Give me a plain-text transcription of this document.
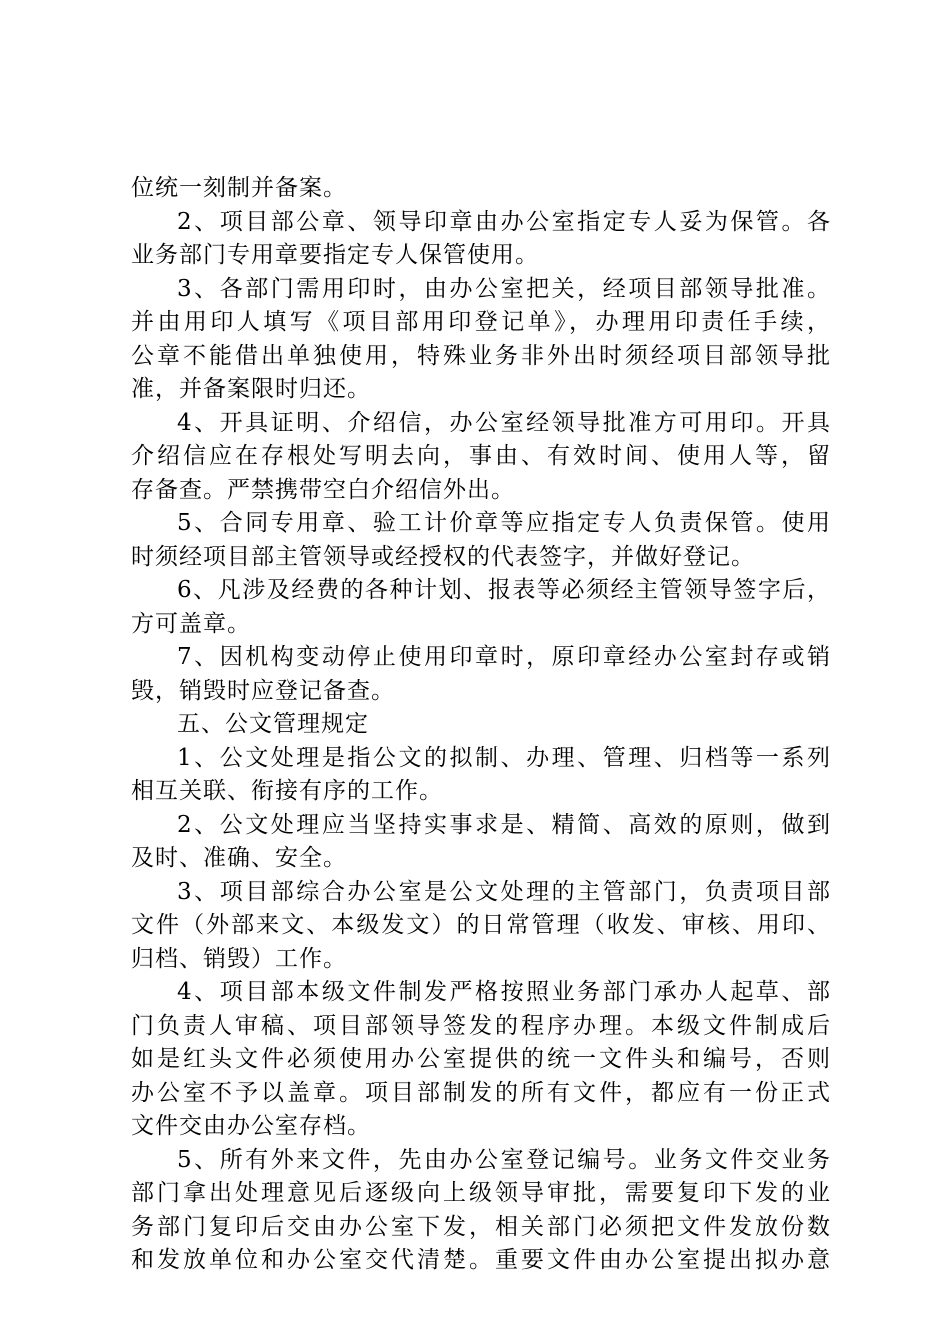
位统一刻制并备案。
2、项目部公章、领导印章由办公室指定专人妥为保管。各
业务部门专用章要指定专人保管使用。
3、各部门需用印时，由办公室把关，经项目部领导批准。
并由用印人填写《项目部用印登记单》，办理用印责任手续，
公章不能借出单独使用，特殊业务非外出时须经项目部领导批
准，并备案限时归还。
4、开具证明、介绍信，办公室经领导批准方可用印。开具
介绍信应在存根处写明去向，事由、有效时间、使用人等，留
存备查。严禁携带空白介绍信外出。
5、合同专用章、验工计价章等应指定专人负责保管。使用
时须经项目部主管领导或经授权的代表签字，并做好登记。
6、凡涉及经费的各种计划、报表等必须经主管领导签字后，
方可盖章。
7、因机构变动停止使用印章时，原印章经办公室封存或销
毁，销毁时应登记备查。
五、公文管理规定
1、公文处理是指公文的拟制、办理、管理、归档等一系列
相互关联、衔接有序的工作。
2、公文处理应当坚持实事求是、精简、高效的原则，做到
及时、准确、安全。
3、项目部综合办公室是公文处理的主管部门，负责项目部
文件（外部来文、本级发文）的日常管理（收发、审核、用印、
归档、销毁）工作。
4、项目部本级文件制发严格按照业务部门承办人起草、部
门负责人审稿、项目部领导签发的程序办理。本级文件制成后
如是红头文件必须使用办公室提供的统一文件头和编号，否则
办公室不予以盖章。项目部制发的所有文件，都应有一份正式
文件交由办公室存档。
5、所有外来文件，先由办公室登记编号。业务文件交业务
部门拿出处理意见后逐级向上级领导审批，需要复印下发的业
务部门复印后交由办公室下发，相关部门必须把文件发放份数
和发放单位和办公室交代清楚。重要文件由办公室提出拟办意
